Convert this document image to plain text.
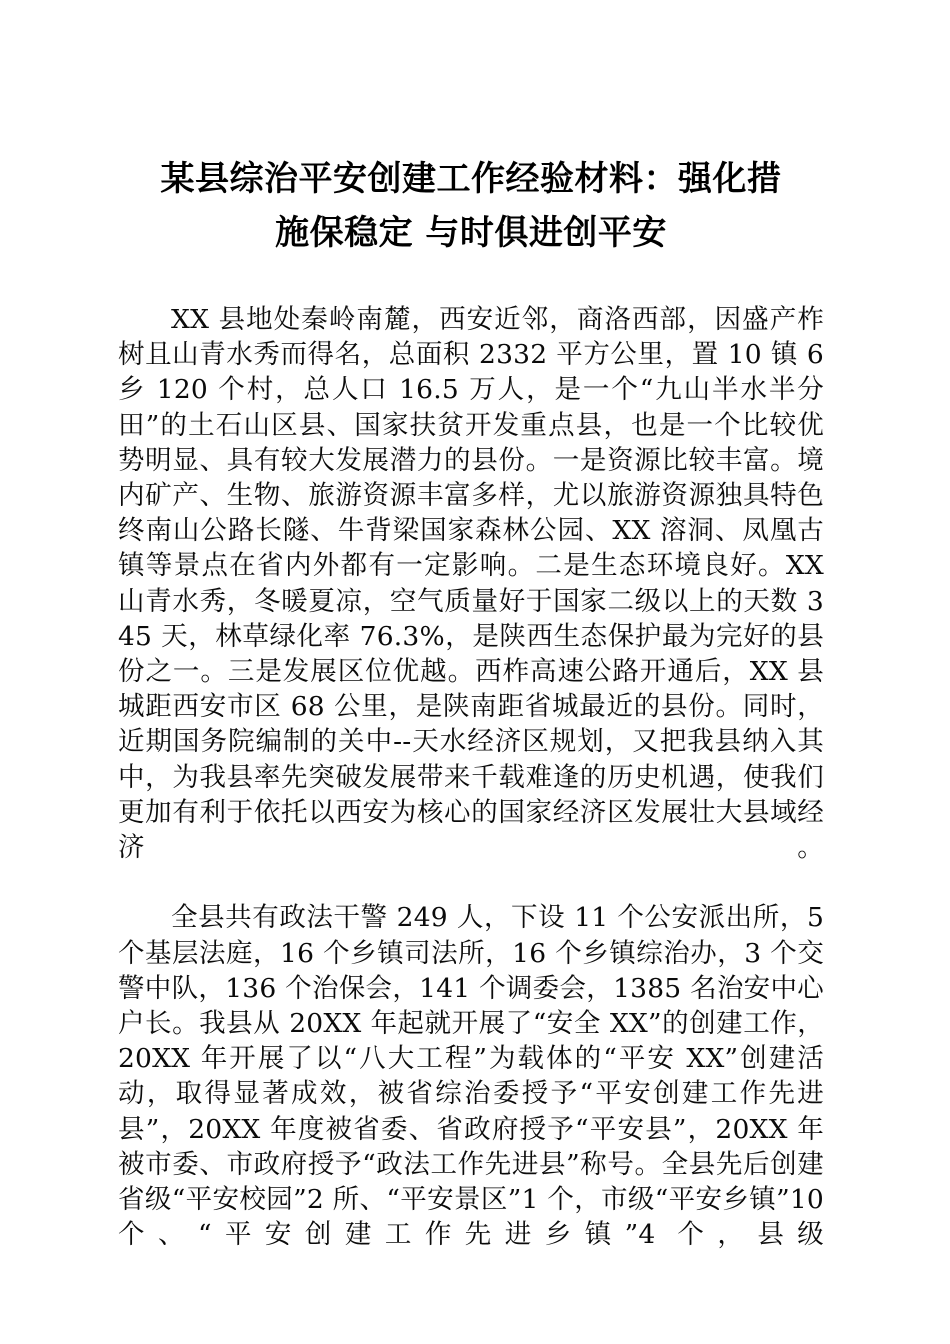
某县综治平安创建工作经验材料：强化措
施保稳定 与时俱进创平安

XX 县地处秦岭南麓，西安近邻，商洛西部，因盛产柞树且山青水秀而得名，总面积 2332 平方公里，置 10 镇 6 乡 120 个村，总人口 16.5 万人，是一个“九山半水半分田”的土石山区县、国家扶贫开发重点县，也是一个比较优势明显、具有较大发展潜力的县份。一是资源比较丰富。境内矿产、生物、旅游资源丰富多样，尤以旅游资源独具特色终南山公路长隧、牛背梁国家森林公园、XX 溶洞、凤凰古镇等景点在省内外都有一定影响。二是生态环境良好。XX 山青水秀，冬暖夏凉，空气质量好于国家二级以上的天数 345 天，林草绿化率 76.3%，是陕西生态保护最为完好的县份之一。三是发展区位优越。西柞高速公路开通后，XX 县城距西安市区 68 公里，是陕南距省城最近的县份。同时，近期国务院编制的关中--天水经济区规划，又把我县纳入其中，为我县率先突破发展带来千载难逢的历史机遇，使我们更加有利于依托以西安为核心的国家经济区发展壮大县域经济。

全县共有政法干警 249 人，下设 11 个公安派出所，5 个基层法庭，16 个乡镇司法所，16 个乡镇综治办，3 个交警中队，136 个治保会，141 个调委会，1385 名治安中心户长。我县从 20XX 年起就开展了“安全 XX”的创建工作，20XX 年开展了以“八大工程”为载体的“平安 XX”创建活动，取得显著成效，被省综治委授予“平安创建工作先进县”，20XX 年度被省委、省政府授予“平安县”，20XX 年被市委、市政府授予“政法工作先进县”称号。全县先后创建省级“平安校园”2 所、“平安景区”1 个，市级“平安乡镇”10 个、“平安创建工作先进乡镇”4 个，县级
